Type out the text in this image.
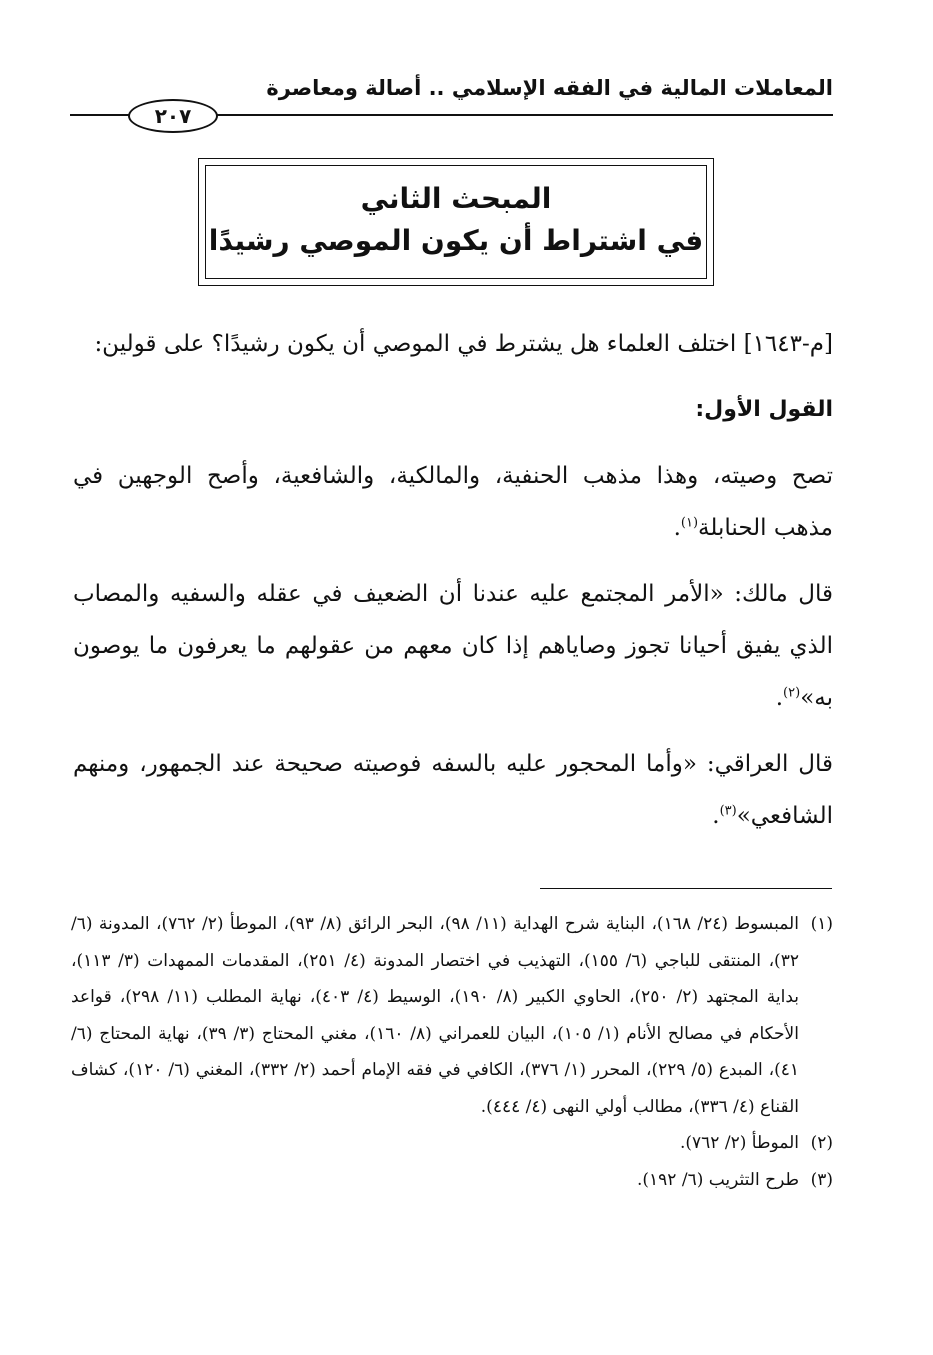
المعاملات المالية في الفقه الإسلامي .. أصالة ومعاصرة
٢٠٧
المبحث الثاني
في اشتراط أن يكون الموصي رشيدًا

[م-١٦٤٣] اختلف العلماء هل يشترط في الموصي أن يكون رشيدًا؟ على قولين:

القول الأول:

تصح وصيته، وهذا مذهب الحنفية، والمالكية، والشافعية، وأصح الوجهين في مذهب الحنابلة$^{(١)}$.

قال مالك: «الأمر المجتمع عليه عندنا أن الضعيف في عقله والسفيه والمصاب الذي يفيق أحيانا تجوز وصاياهم إذا كان معهم من عقولهم ما يعرفون ما يوصون به»$^{(٢)}$.

قال العراقي: «وأما المحجور عليه بالسفه فوصيته صحيحة عند الجمهور، ومنهم الشافعي»$^{(٣)}$.

(١)
المبسوط (٢٤/ ١٦٨)، البناية شرح الهداية (١١/ ٩٨)، البحر الرائق (٨/ ٩٣)، الموطأ (٢/ ٧٦٢)، المدونة (٦/ ٣٢)، المنتقى للباجي (٦/ ١٥٥)، التهذيب في اختصار المدونة (٤/ ٢٥١)، المقدمات الممهدات (٣/ ١١٣)، بداية المجتهد (٢/ ٢٥٠)، الحاوي الكبير (٨/ ١٩٠)، الوسيط (٤/ ٤٠٣)، نهاية المطلب (١١/ ٢٩٨)، قواعد الأحكام في مصالح الأنام (١/ ١٠٥)، البيان للعمراني (٨/ ١٦٠)، مغني المحتاج (٣/ ٣٩)، نهاية المحتاج (٦/ ٤١)، المبدع (٥/ ٢٢٩)، المحرر (١/ ٣٧٦)، الكافي في فقه الإمام أحمد (٢/ ٣٣٢)، المغني (٦/ ١٢٠)، كشاف القناع (٤/ ٣٣٦)، مطالب أولي النهى (٤/ ٤٤٤).

(٢)
الموطأ (٢/ ٧٦٢).

(٣)
طرح التثريب (٦/ ١٩٢).
